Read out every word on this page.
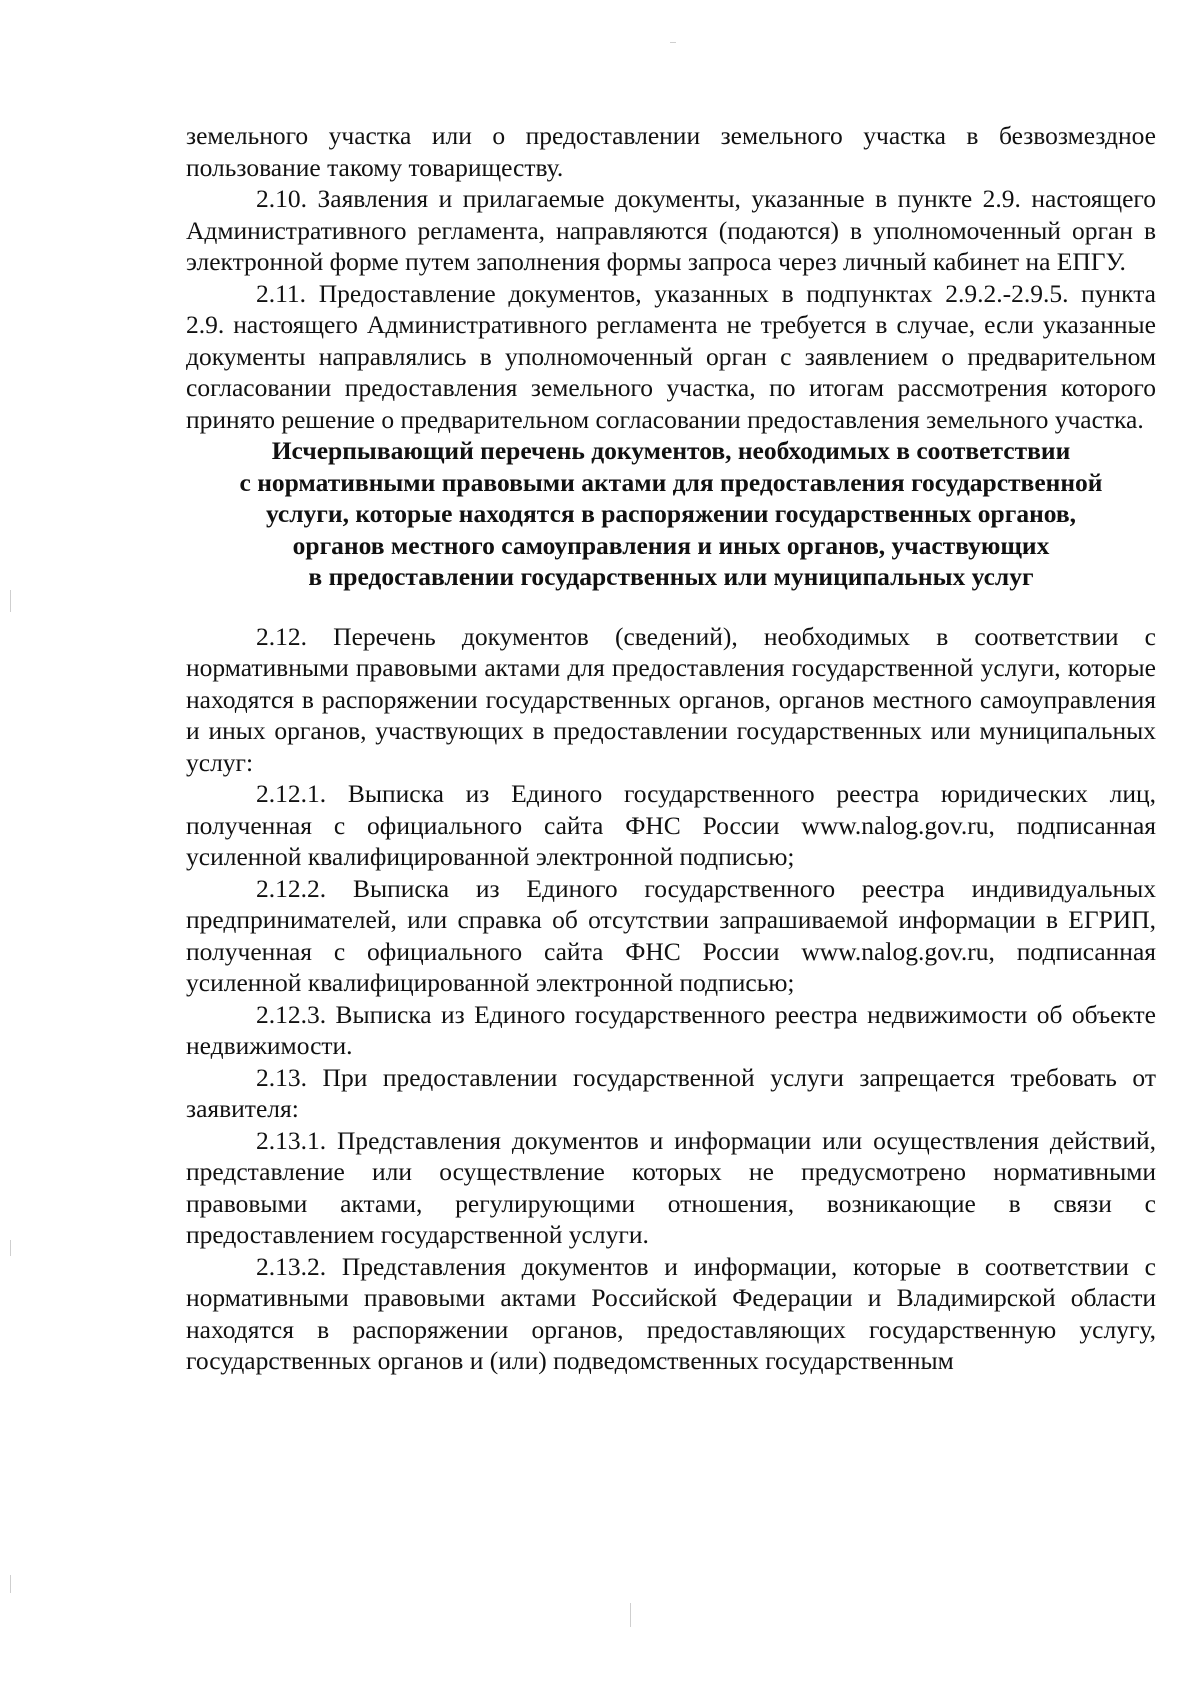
земельного участка или о предоставлении земельного участка в безвозмездное пользование такому товариществу.

2.10. Заявления и прилагаемые документы, указанные в пункте 2.9. настоящего Административного регламента, направляются (подаются) в уполномоченный орган в электронной форме путем заполнения формы запроса через личный кабинет на ЕПГУ.

2.11. Предоставление документов, указанных в подпунктах 2.9.2.-2.9.5. пункта 2.9. настоящего Административного регламента не требуется в случае, если указанные документы направлялись в уполномоченный орган с заявлением о предварительном согласовании предоставления земельного участка, по итогам рассмотрения которого принято решение о предварительном согласовании предоставления земельного участка.

Исчерпывающий перечень документов, необходимых в соответствии
с нормативными правовыми актами для предоставления государственной
услуги, которые находятся в распоряжении государственных органов,
органов местного самоуправления и иных органов, участвующих
в предоставлении государственных или муниципальных услуг

2.12. Перечень документов (сведений), необходимых в соответствии с нормативными правовыми актами для предоставления государственной услуги, которые находятся в распоряжении государственных органов, органов местного самоуправления и иных органов, участвующих в предоставлении государственных или муниципальных услуг:

2.12.1. Выписка из Единого государственного реестра юридических лиц, полученная с официального сайта ФНС России www.nalog.gov.ru, подписанная усиленной квалифицированной электронной подписью;

2.12.2. Выписка из Единого государственного реестра индивидуальных предпринимателей, или справка об отсутствии запрашиваемой информации в ЕГРИП, полученная с официального сайта ФНС России www.nalog.gov.ru, подписанная усиленной квалифицированной электронной подписью;

2.12.3. Выписка из Единого государственного реестра недвижимости об объекте недвижимости.

2.13. При предоставлении государственной услуги запрещается требовать от заявителя:

2.13.1. Представления документов и информации или осуществления действий, представление или осуществление которых не предусмотрено нормативными правовыми актами, регулирующими отношения, возникающие в связи с предоставлением государственной услуги.

2.13.2. Представления документов и информации, которые в соответствии с нормативными правовыми актами Российской Федерации и Владимирской области находятся в распоряжении органов, предоставляющих государственную услугу, государственных органов и (или) подведомственных государственным
